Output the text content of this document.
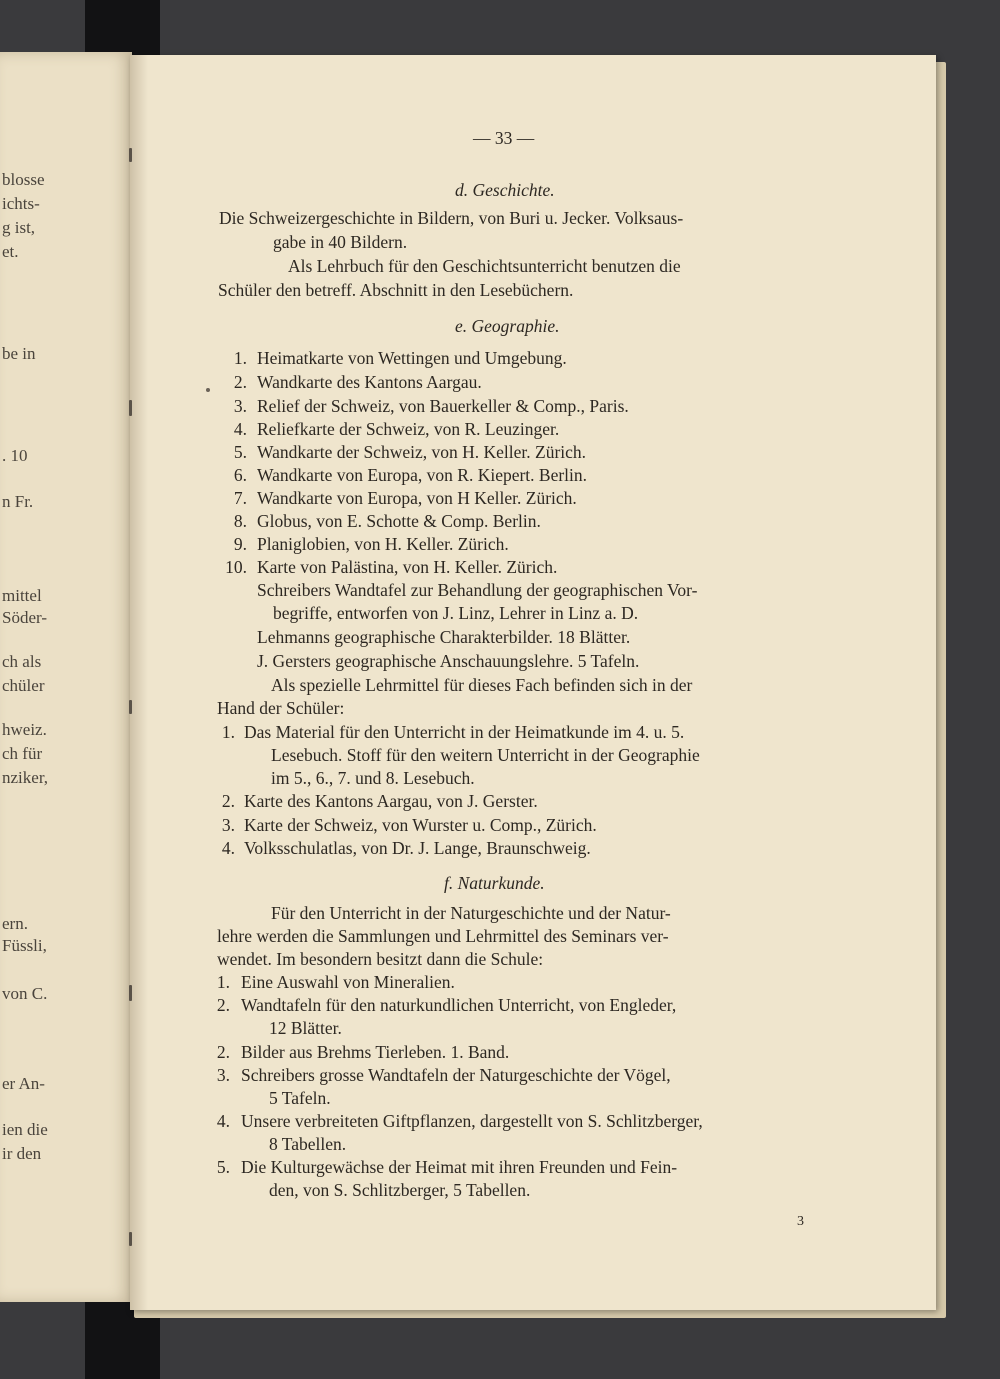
blosse
ichts-
g ist,
et.
be in
. 10
n Fr.
mittel
Söder-
ch als
chüler
hweiz.
ch für
nziker,
ern.
Füssli,
von C.
er An-
ien die
ir den
— 33 —
d. Geschichte.
Die Schweizergeschichte in Bildern, von Buri u. Jecker. Volksaus-
gabe in 40 Bildern.
Als Lehrbuch für den Geschichtsunterricht benutzen die
Schüler den betreff. Abschnitt in den Lesebüchern.
e. Geographie.
1. Heimatkarte von Wettingen und Umgebung.
2. Wandkarte des Kantons Aargau.
3. Relief der Schweiz, von Bauerkeller & Comp., Paris.
4. Reliefkarte der Schweiz, von R. Leuzinger.
5. Wandkarte der Schweiz, von H. Keller. Zürich.
6. Wandkarte von Europa, von R. Kiepert. Berlin.
7. Wandkarte von Europa, von H Keller. Zürich.
8. Globus, von E. Schotte & Comp. Berlin.
9. Planiglobien, von H. Keller. Zürich.
10. Karte von Palästina, von H. Keller. Zürich.
Schreibers Wandtafel zur Behandlung der geographischen Vor-
begriffe, entworfen von J. Linz, Lehrer in Linz a. D.
Lehmanns geographische Charakterbilder. 18 Blätter.
J. Gersters geographische Anschauungslehre. 5 Tafeln.
Als spezielle Lehrmittel für dieses Fach befinden sich in der
Hand der Schüler:
1. Das Material für den Unterricht in der Heimatkunde im 4. u. 5.
Lesebuch. Stoff für den weitern Unterricht in der Geographie
im 5., 6., 7. und 8. Lesebuch.
2. Karte des Kantons Aargau, von J. Gerster.
3. Karte der Schweiz, von Wurster u. Comp., Zürich.
4. Volksschulatlas, von Dr. J. Lange, Braunschweig.
f. Naturkunde.
Für den Unterricht in der Naturgeschichte und der Natur-
lehre werden die Sammlungen und Lehrmittel des Seminars ver-
wendet. Im besondern besitzt dann die Schule:
1. Eine Auswahl von Mineralien.
2. Wandtafeln für den naturkundlichen Unterricht, von Engleder,
12 Blätter.
2. Bilder aus Brehms Tierleben. 1. Band.
3. Schreibers grosse Wandtafeln der Naturgeschichte der Vögel,
5 Tafeln.
4. Unsere verbreiteten Giftpflanzen, dargestellt von S. Schlitzberger,
8 Tabellen.
5. Die Kulturgewächse der Heimat mit ihren Freunden und Fein-
den, von S. Schlitzberger, 5 Tabellen.
3
